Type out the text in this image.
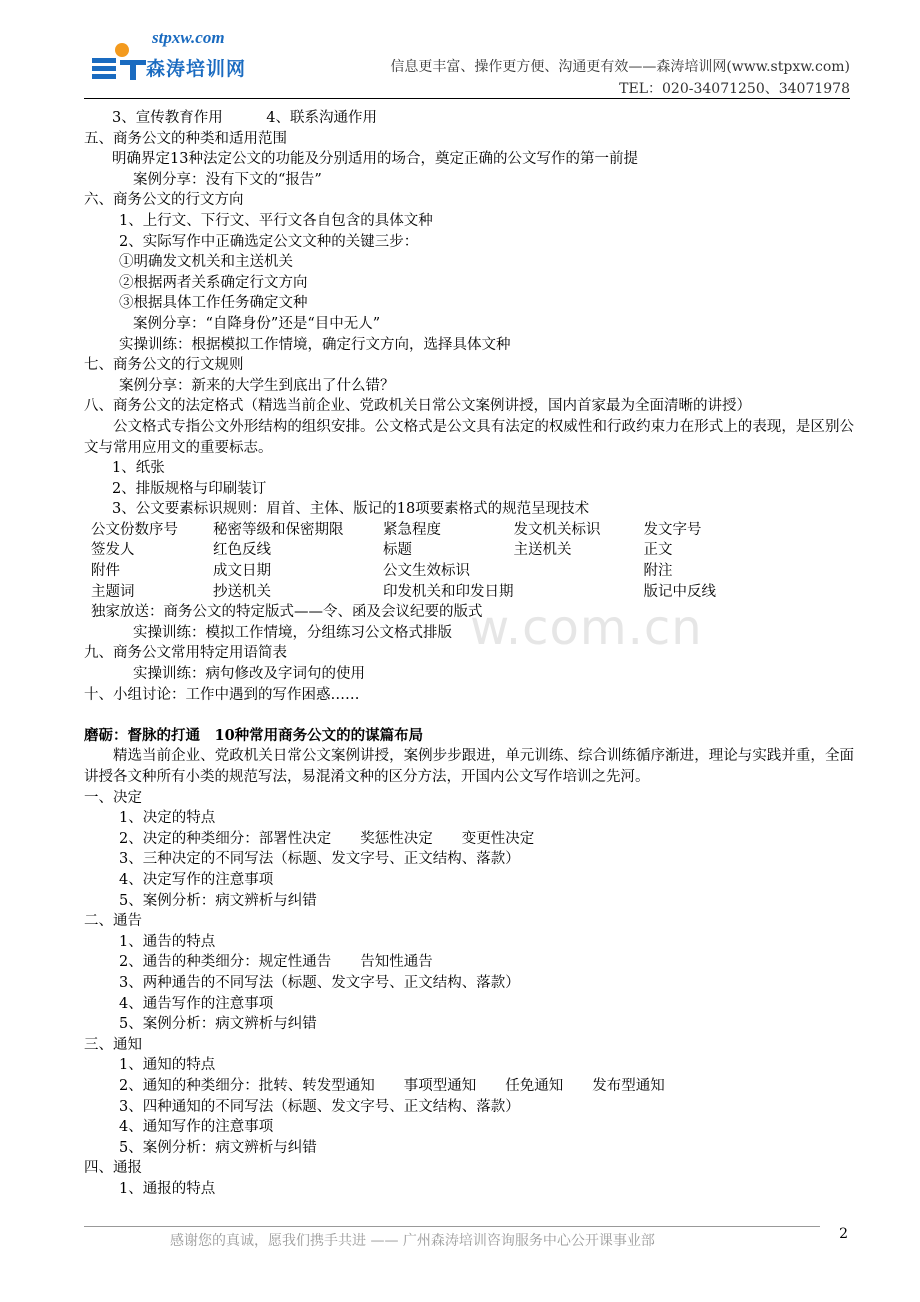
stpxw.com
森涛培训网	信息更丰富、操作更方便、沟通更有效——森涛培训网(www.stpxw.com)
TEL：020-34071250、34071978
w.com.cn
3、宣传教育作用　　　4、联系沟通作用
五、商务公文的种类和适用范围
明确界定13种法定公文的功能及分别适用的场合，奠定正确的公文写作的第一前提
案例分享：没有下文的“报告”
六、商务公文的行文方向
1、上行文、下行文、平行文各自包含的具体文种
2、实际写作中正确选定公文文种的关键三步：
①明确发文机关和主送机关
②根据两者关系确定行文方向
③根据具体工作任务确定文种
案例分享：“自降身份”还是“目中无人”
实操训练：根据模拟工作情境，确定行文方向，选择具体文种
七、商务公文的行文规则
案例分享：新来的大学生到底出了什么错？
八、商务公文的法定格式（精选当前企业、党政机关日常公文案例讲授，国内首家最为全面清晰的讲授）
公文格式专指公文外形结构的组织安排。公文格式是公文具有法定的权威性和行政约束力在形式上的表现，是区别公文与常用应用文的重要标志。
1、纸张
2、排版规格与印刷装订
3、公文要素标识规则：眉首、主体、版记的18项要素格式的规范呈现技术
公文份数序号	秘密等级和保密期限	紧急程度	发文机关标识	发文字号
签发人	红色反线	标题	主送机关	正文
附件	成文日期	公文生效标识		附注
主题词	抄送机关	印发机关和印发日期		版记中反线
独家放送：商务公文的特定版式——令、函及会议纪要的版式
实操训练：模拟工作情境，分组练习公文格式排版
九、商务公文常用特定用语简表
实操训练：病句修改及字词句的使用
十、小组讨论：工作中遇到的写作困惑……
磨砺：督脉的打通　10种常用商务公文的的谋篇布局
精选当前企业、党政机关日常公文案例讲授，案例步步跟进，单元训练、综合训练循序渐进，理论与实践并重，全面讲授各文种所有小类的规范写法，易混淆文种的区分方法，开国内公文写作培训之先河。
一、决定
1、决定的特点
2、决定的种类细分：部署性决定　　奖惩性决定　　变更性决定
3、三种决定的不同写法（标题、发文字号、正文结构、落款）
4、决定写作的注意事项
5、案例分析：病文辨析与纠错
二、通告
1、通告的特点
2、通告的种类细分：规定性通告　　告知性通告
3、两种通告的不同写法（标题、发文字号、正文结构、落款）
4、通告写作的注意事项
5、案例分析：病文辨析与纠错
三、通知
1、通知的特点
2、通知的种类细分：批转、转发型通知　　事项型通知　　任免通知　　发布型通知
3、四种通知的不同写法（标题、发文字号、正文结构、落款）
4、通知写作的注意事项
5、案例分析：病文辨析与纠错
四、通报
1、通报的特点
感谢您的真诚，愿我们携手共进 —— 广州森涛培训咨询服务中心公开课事业部	2
